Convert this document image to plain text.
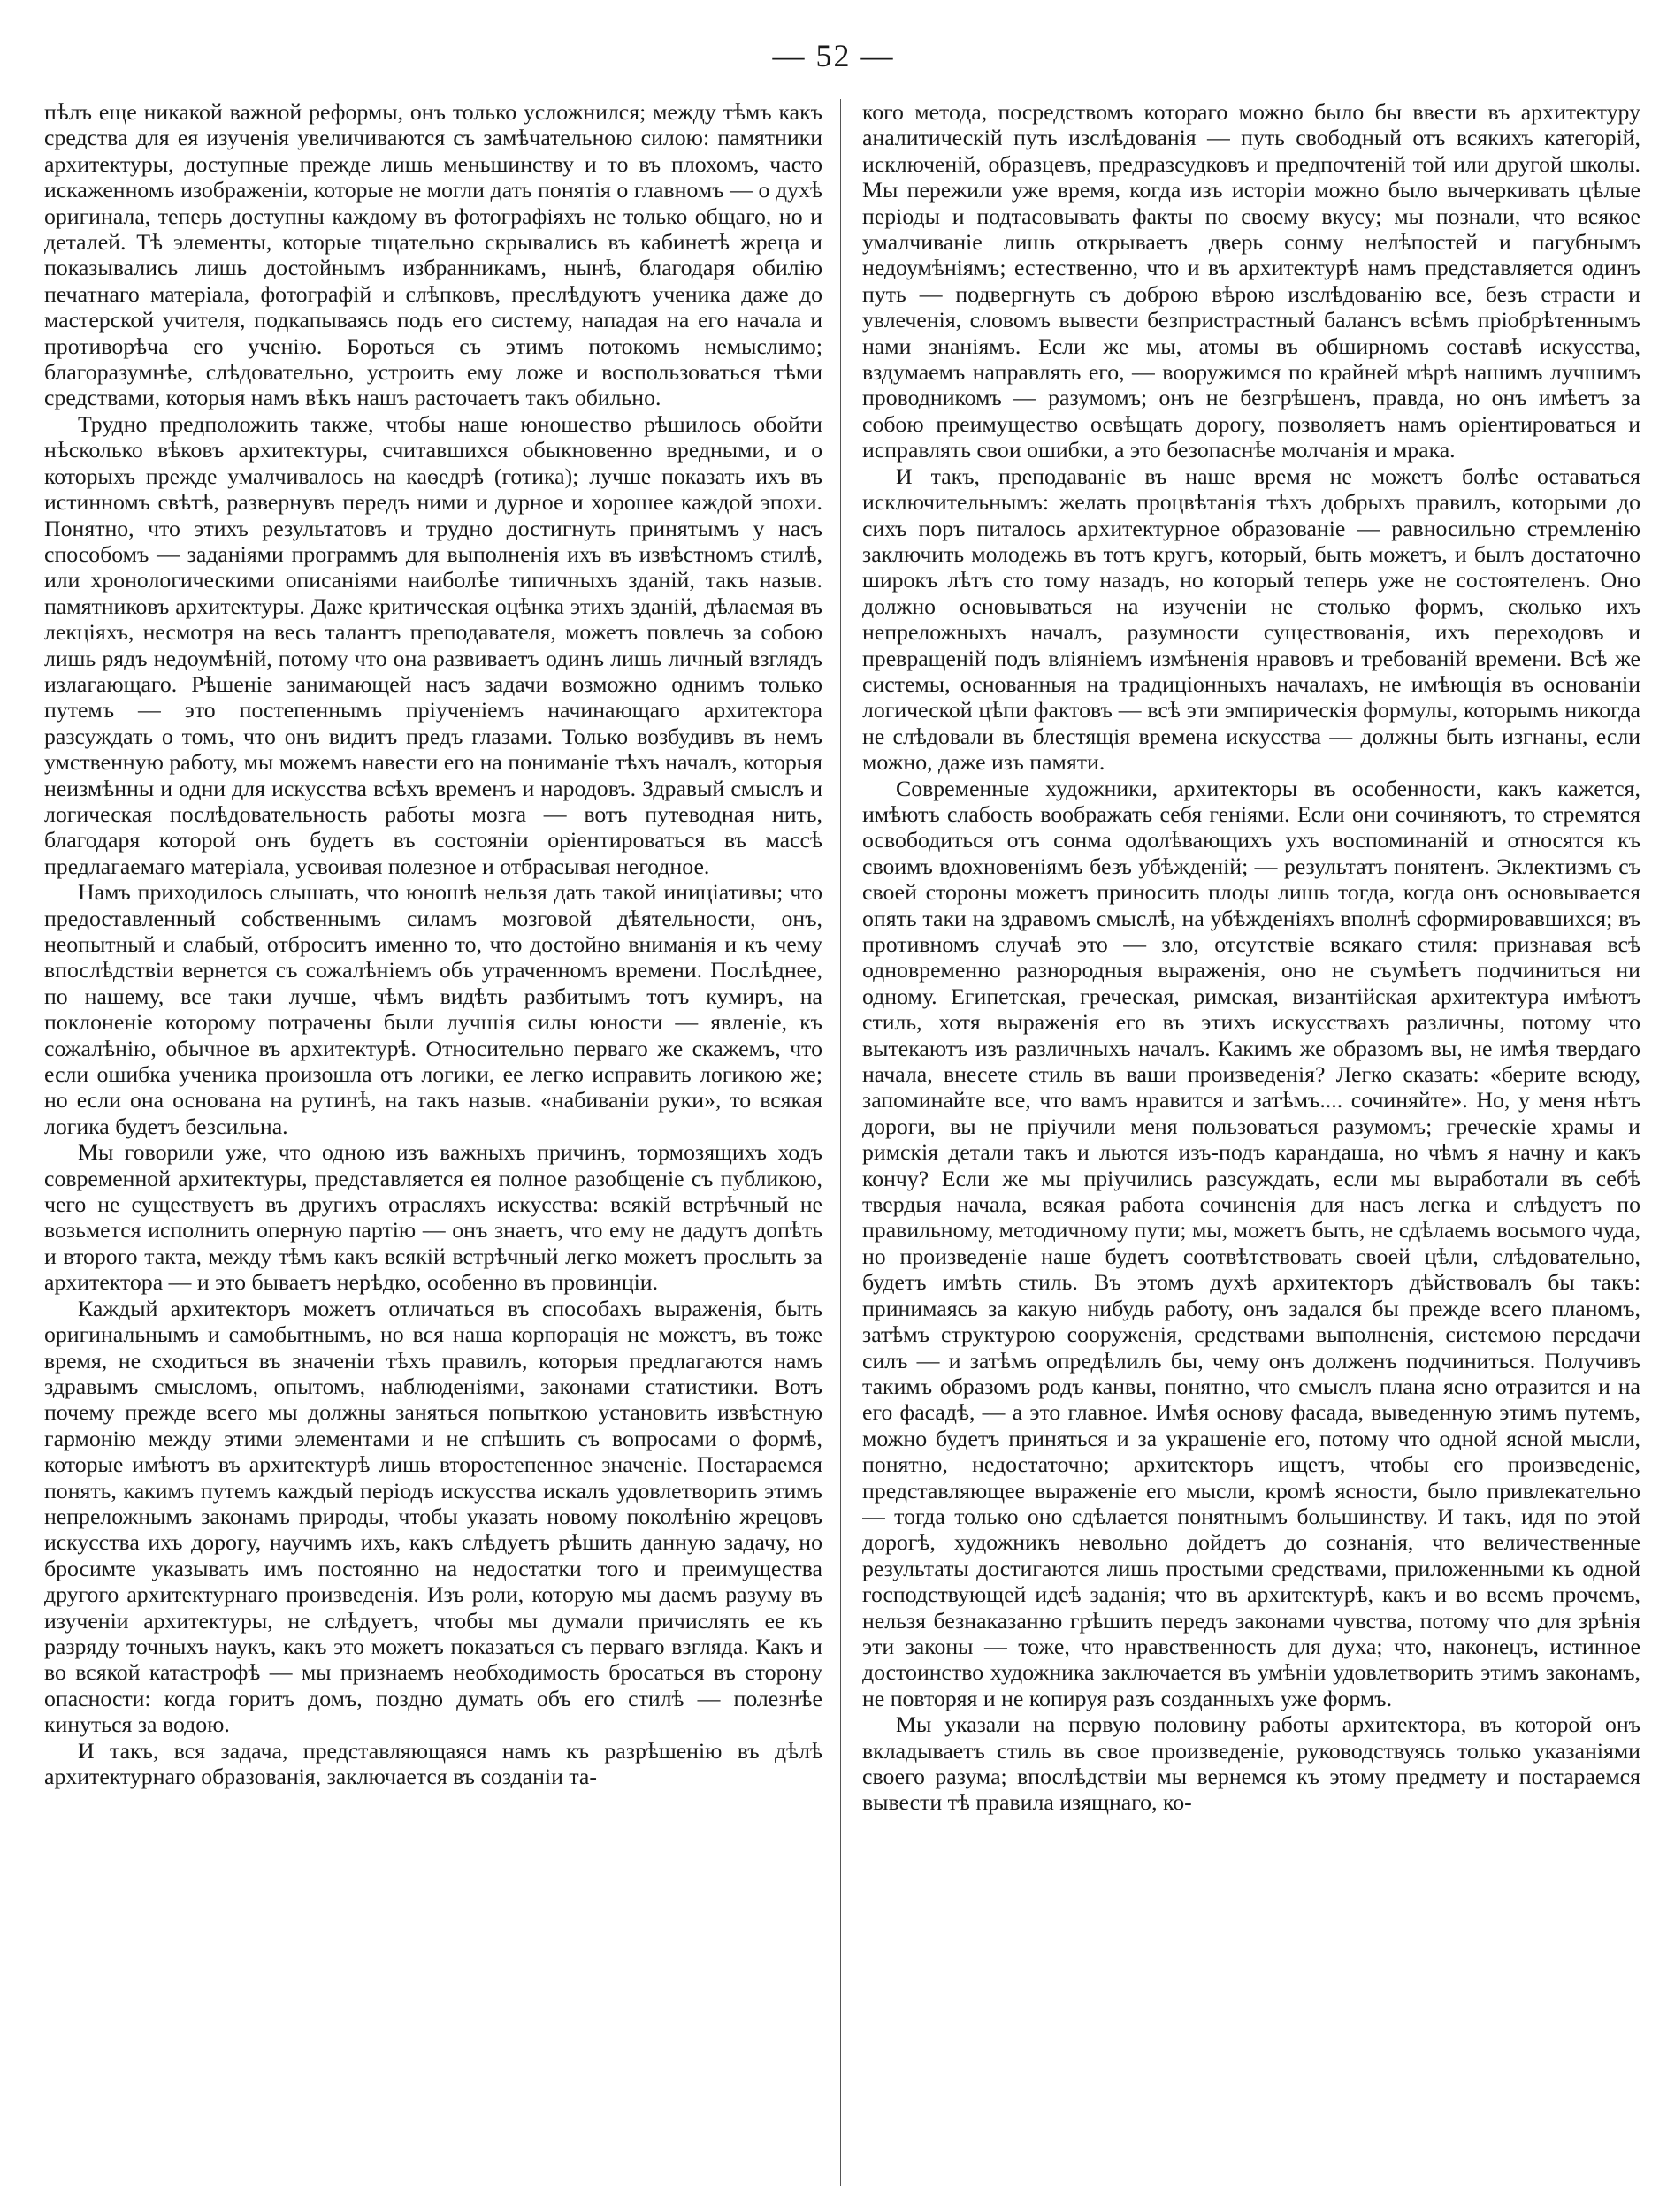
— 52 —

пѣлъ еще никакой важной реформы, онъ только усложнился; между тѣмъ какъ средства для ея изученія увеличиваются съ замѣчательною силою: памятники архитектуры, доступные прежде лишь меньшинству и то въ плохомъ, часто искаженномъ изображеніи, которые не могли дать понятія о главномъ — о духѣ оригинала, теперь доступны каждому въ фотографіяхъ не только общаго, но и деталей. Тѣ элементы, которые тщательно скрывались въ кабинетѣ жреца и показывались лишь достойнымъ избранникамъ, нынѣ, благодаря обилію печатнаго матеріала, фотографій и слѣпковъ, преслѣдуютъ ученика даже до мастерской учителя, подкапываясь подъ его систему, нападая на его начала и противорѣча его ученію. Бороться съ этимъ потокомъ немыслимо; благоразумнѣе, слѣдовательно, устроить ему ложе и воспользоваться тѣми средствами, которыя намъ вѣкъ нашъ расточаетъ такъ обильно.

Трудно предположить также, чтобы наше юношество рѣшилось обойти нѣсколько вѣковъ архитектуры, считавшихся обыкновенно вредными, и о которыхъ прежде умалчивалось на каѳедрѣ (готика); лучше показать ихъ въ истинномъ свѣтѣ, развернувъ передъ ними и дурное и хорошее каждой эпохи. Понятно, что этихъ результатовъ и трудно достигнуть принятымъ у насъ способомъ — заданіями программъ для выполненія ихъ въ извѣстномъ стилѣ, или хронологическими описаніями наиболѣе типичныхъ зданій, такъ назыв. памятниковъ архитектуры. Даже критическая оцѣнка этихъ зданій, дѣлаемая въ лекціяхъ, несмотря на весь талантъ преподавателя, можетъ повлечь за собою лишь рядъ недоумѣній, потому что она развиваетъ одинъ лишь личный взглядъ излагающаго. Рѣшеніе занимающей насъ задачи возможно однимъ только путемъ — это постепеннымъ пріученіемъ начинающаго архитектора разсуждать о томъ, что онъ видитъ предъ глазами. Только возбудивъ въ немъ умственную работу, мы можемъ навести его на пониманіе тѣхъ началъ, которыя неизмѣнны и одни для искусства всѣхъ временъ и народовъ. Здравый смыслъ и логическая послѣдовательность работы мозга — вотъ путеводная нить, благодаря которой онъ будетъ въ состояніи оріентироваться въ массѣ предлагаемаго матеріала, усвоивая полезное и отбрасывая негодное.

Намъ приходилось слышать, что юношѣ нельзя дать такой иниціативы; что предоставленный собственнымъ силамъ мозговой дѣятельности, онъ, неопытный и слабый, отброситъ именно то, что достойно вниманія и къ чему впослѣдствіи вернется съ сожалѣніемъ объ утраченномъ времени. Послѣднее, по нашему, все таки лучше, чѣмъ видѣть разбитымъ тотъ кумиръ, на поклоненіе которому потрачены были лучшія силы юности — явленіе, къ сожалѣнію, обычное въ архитектурѣ. Относительно перваго же скажемъ, что если ошибка ученика произошла отъ логики, ее легко исправить логикою же; но если она основана на рутинѣ, на такъ назыв. «набиваніи руки», то всякая логика будетъ безсильна.

Мы говорили уже, что одною изъ важныхъ причинъ, тормозящихъ ходъ современной архитектуры, представляется ея полное разобщеніе съ публикою, чего не существуетъ въ другихъ отрасляхъ искусства: всякій встрѣчный не возьмется исполнить оперную партію — онъ знаетъ, что ему не дадутъ допѣть и второго такта, между тѣмъ какъ всякій встрѣчный легко можетъ прослыть за архитектора — и это бываетъ нерѣдко, особенно въ провинціи.

Каждый архитекторъ можетъ отличаться въ способахъ выраженія, быть оригинальнымъ и самобытнымъ, но вся наша корпорація не можетъ, въ тоже время, не сходиться въ значеніи тѣхъ правилъ, которыя предлагаются намъ здравымъ смысломъ, опытомъ, наблюденіями, законами статистики. Вотъ почему прежде всего мы должны заняться попыткою установить извѣстную гармонію между этими элементами и не спѣшить съ вопросами о формѣ, которые имѣютъ въ архитектурѣ лишь второстепенное значеніе. Постараемся понять, какимъ путемъ каждый періодъ искусства искалъ удовлетворить этимъ непреложнымъ законамъ природы, чтобы указать новому поколѣнію жрецовъ искусства ихъ дорогу, научимъ ихъ, какъ слѣдуетъ рѣшить данную задачу, но бросимте указывать имъ постоянно на недостатки того и преимущества другого архитектурнаго произведенія. Изъ роли, которую мы даемъ разуму въ изученіи архитектуры, не слѣдуетъ, чтобы мы думали причислять ее къ разряду точныхъ наукъ, какъ это можетъ показаться съ перваго взгляда. Какъ и во всякой катастрофѣ — мы признаемъ необходимость бросаться въ сторону опасности: когда горитъ домъ, поздно думать объ его стилѣ — полезнѣе кинуться за водою.

И такъ, вся задача, представляющаяся намъ къ разрѣшенію въ дѣлѣ архитектурнаго образованія, заключается въ созданіи та-

кого метода, посредствомъ котораго можно было бы ввести въ архитектуру аналитическій путь изслѣдованія — путь свободный отъ всякихъ категорій, исключеній, образцевъ, предразсудковъ и предпочтеній той или другой школы. Мы пережили уже время, когда изъ исторіи можно было вычеркивать цѣлые періоды и подтасовывать факты по своему вкусу; мы познали, что всякое умалчиваніе лишь открываетъ дверь сонму нелѣпостей и пагубнымъ недоумѣніямъ; естественно, что и въ архитектурѣ намъ представляется одинъ путь — подвергнуть съ доброю вѣрою изслѣдованію все, безъ страсти и увлеченія, словомъ вывести безпристрастный балансъ всѣмъ пріобрѣтеннымъ нами знаніямъ. Если же мы, атомы въ обширномъ составѣ искусства, вздумаемъ направлять его, — вооружимся по крайней мѣрѣ нашимъ лучшимъ проводникомъ — разумомъ; онъ не безгрѣшенъ, правда, но онъ имѣетъ за собою преимущество освѣщать дорогу, позволяетъ намъ оріентироваться и исправлять свои ошибки, а это безопаснѣе молчанія и мрака.

И такъ, преподаваніе въ наше время не можетъ болѣе оставаться исключительнымъ: желать процвѣтанія тѣхъ добрыхъ правилъ, которыми до сихъ поръ питалось архитектурное образованіе — равносильно стремленію заключить молодежь въ тотъ кругъ, который, быть можетъ, и былъ достаточно широкъ лѣтъ сто тому назадъ, но который теперь уже не состоятеленъ. Оно должно основываться на изученіи не столько формъ, сколько ихъ непреложныхъ началъ, разумности существованія, ихъ переходовъ и превращеній подъ вліяніемъ измѣненія нравовъ и требованій времени. Всѣ же системы, основанныя на традиціонныхъ началахъ, не имѣющія въ основаніи логической цѣпи фактовъ — всѣ эти эмпирическія формулы, которымъ никогда не слѣдовали въ блестящія времена искусства — должны быть изгнаны, если можно, даже изъ памяти.

Современные художники, архитекторы въ особенности, какъ кажется, имѣютъ слабость воображать себя геніями. Если они сочиняютъ, то стремятся освободиться отъ сонма одолѣвающихъ ухъ воспоминаній и относятся къ своимъ вдохновеніямъ безъ убѣжденій; — результатъ понятенъ. Эклектизмъ съ своей стороны можетъ приносить плоды лишь тогда, когда онъ основывается опять таки на здравомъ смыслѣ, на убѣжденіяхъ вполнѣ сформировавшихся; въ противномъ случаѣ это — зло, отсутствіе всякаго стиля: признавая всѣ одновременно разнородныя выраженія, оно не съумѣетъ подчиниться ни одному. Египетская, греческая, римская, византійская архитектура имѣютъ стиль, хотя выраженія его въ этихъ искусствахъ различны, потому что вытекаютъ изъ различныхъ началъ. Какимъ же образомъ вы, не имѣя твердаго начала, внесете стиль въ ваши произведенія? Легко сказать: «берите всюду, запоминайте все, что вамъ нравится и затѣмъ.... сочиняйте». Но, у меня нѣтъ дороги, вы не пріучили меня пользоваться разумомъ; греческіе храмы и римскія детали такъ и льются изъ-подъ карандаша, но чѣмъ я начну и какъ кончу? Если же мы пріучились разсуждать, если мы выработали въ себѣ твердыя начала, всякая работа сочиненія для насъ легка и слѣдуетъ по правильному, методичному пути; мы, можетъ быть, не сдѣлаемъ восьмого чуда, но произведеніе наше будетъ соотвѣтствовать своей цѣли, слѣдовательно, будетъ имѣть стиль. Въ этомъ духѣ архитекторъ дѣйствовалъ бы такъ: принимаясь за какую нибудь работу, онъ задался бы прежде всего планомъ, затѣмъ структурою сооруженія, средствами выполненія, системою передачи силъ — и затѣмъ опредѣлилъ бы, чему онъ долженъ подчиниться. Получивъ такимъ образомъ родъ канвы, понятно, что смыслъ плана ясно отразится и на его фасадѣ, — а это главное. Имѣя основу фасада, выведенную этимъ путемъ, можно будетъ приняться и за украшеніе его, потому что одной ясной мысли, понятно, недостаточно; архитекторъ ищетъ, чтобы его произведеніе, представляющее выраженіе его мысли, кромѣ ясности, было привлекательно — тогда только оно сдѣлается понятнымъ большинству. И такъ, идя по этой дорогѣ, художникъ невольно дойдетъ до сознанія, что величественные результаты достигаются лишь простыми средствами, приложенными къ одной господствующей идеѣ заданія; что въ архитектурѣ, какъ и во всемъ прочемъ, нельзя безнаказанно грѣшить передъ законами чувства, потому что для зрѣнія эти законы — тоже, что нравственность для духа; что, наконецъ, истинное достоинство художника заключается въ умѣніи удовлетворить этимъ законамъ, не повторяя и не копируя разъ созданныхъ уже формъ.

Мы указали на первую половину работы архитектора, въ которой онъ вкладываетъ стиль въ свое произведеніе, руководствуясь только указаніями своего разума; впослѣдствіи мы вернемся къ этому предмету и постараемся вывести тѣ правила изящнаго, ко-
